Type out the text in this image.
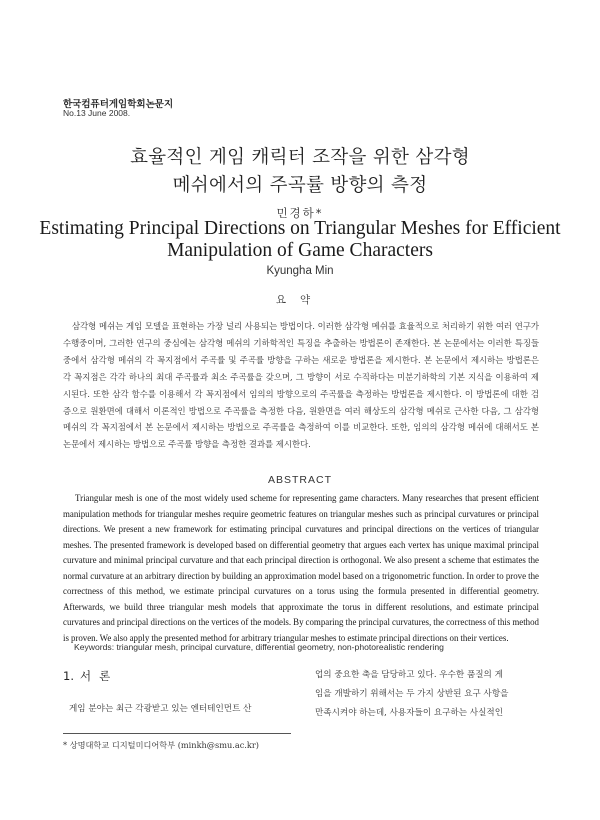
한국컴퓨터게임학회논문지
No.13 June 2008.
효율적인 게임 캐릭터 조작을 위한 삼각형
메쉬에서의 주곡률 방향의 측정
민경하*
Estimating Principal Directions on Triangular Meshes for Efficient
Manipulation of Game Characters
Kyungha Min
요약
삼각형 메쉬는 게임 모델을 표현하는 가장 널리 사용되는 방법이다. 이러한 삼각형 메쉬를 효율적으로 처리하기 위한 여러 연구가 수행중이며, 그러한 연구의 중심에는 삼각형 메쉬의 기하학적인 특징을 추출하는 방법론이 존재한다. 본 논문에서는 이러한 특징들 중에서 삼각형 메쉬의 각 꼭지점에서 주곡률 및 주곡률 방향을 구하는 새로운 방법론을 제시한다. 본 논문에서 제시하는 방법론은 각 꼭지점은 각각 하나의 최대 주곡률과 최소 주곡률을 갖으며, 그 방향이 서로 수직하다는 미분기하학의 기본 지식을 이용하여 제시된다. 또한 삼각 함수를 이용해서 각 꼭지점에서 임의의 방향으로의 주곡률을 측정하는 방법론을 제시한다. 이 방법론에 대한 검증으로 원환면에 대해서 이론적인 방법으로 주곡률을 측정한 다음, 원환면을 여러 해상도의 삼각형 메쉬로 근사한 다음, 그 삼각형 메쉬의 각 꼭지점에서 본 논문에서 제시하는 방법으로 주곡률을 측정하여 이를 비교한다. 또한, 임의의 삼각형 메쉬에 대해서도 본 논문에서 제시하는 방법으로 주곡률 방향을 측정한 결과를 제시한다.
ABSTRACT
Triangular mesh is one of the most widely used scheme for representing game characters. Many researches that present efficient manipulation methods for triangular meshes require geometric features on triangular meshes such as principal curvatures or principal directions. We present a new framework for estimating principal curvatures and principal directions on the vertices of triangular meshes. The presented framework is developed based on differential geometry that argues each vertex has unique maximal principal curvature and minimal principal curvature and that each principal direction is orthogonal. We also present a scheme that estimates the normal curvature at an arbitrary direction by building an approximation model based on a trigonometric function. In order to prove the correctness of this method, we estimate principal curvatures on a torus using the formula presented in differential geometry. Afterwards, we build three triangular mesh models that approximate the torus in different resolutions, and estimate principal curvatures and principal directions on the vertices of the models. By comparing the principal curvatures, the correctness of this method is proven. We also apply the presented method for arbitrary triangular meshes to estimate principal directions on their vertices.
Keywords: triangular mesh, principal curvature, differential geometry, non-photorealistic rendering
1. 서론
게임 분야는 최근 각광받고 있는 엔터테인먼트 산
업의 중요한 축을 담당하고 있다. 우수한 품질의 게
임을 개발하기 위해서는 두 가지 상반된 요구 사항을
만족시켜야 하는데, 사용자들이 요구하는 사실적인
* 상명대학교 디지털미디어학부 (minkh@smu.ac.kr)
